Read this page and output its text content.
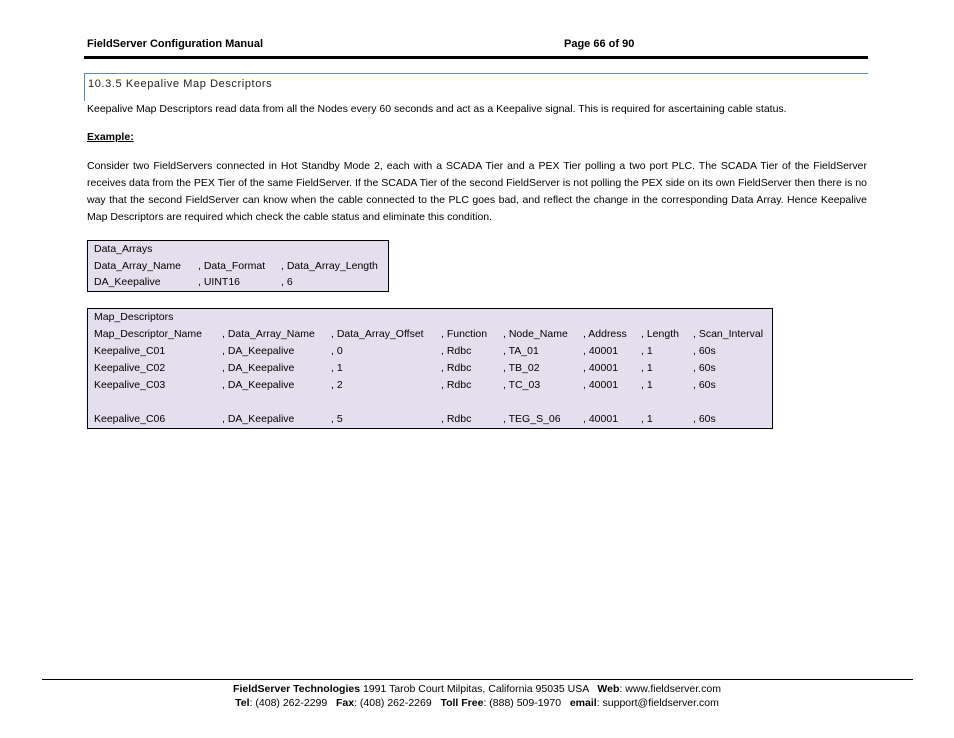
FieldServer Configuration Manual	Page 66 of 90
10.3.5 Keepalive Map Descriptors
Keepalive Map Descriptors read data from all the Nodes every 60 seconds and act as a Keepalive signal. This is required for ascertaining cable status.
Example:
Consider two FieldServers connected in Hot Standby Mode 2, each with a SCADA Tier and a PEX Tier polling a two port PLC. The SCADA Tier of the FieldServer receives data from the PEX Tier of the same FieldServer. If the SCADA Tier of the second FieldServer is not polling the PEX side on its own FieldServer then there is no way that the second FieldServer can know when the cable connected to the PLC goes bad, and reflect the change in the corresponding Data Array. Hence Keepalive Map Descriptors are required which check the cable status and eliminate this condition.
Data_Arrays
Data_Array_Name , Data_Format , Data_Array_Length
DA_Keepalive	, UINT16	, 6
Map_Descriptors
Map_Descriptor_Name , Data_Array_Name , Data_Array_Offset , Function , Node_Name , Address , Length , Scan_Interval
Keepalive_C01	, DA_Keepalive	, 0	, Rdbc	, TA_01	, 40001 , 1	, 60s
Keepalive_C02	, DA_Keepalive	, 1	, Rdbc	, TB_02	, 40001 , 1	, 60s
Keepalive_C03	, DA_Keepalive	, 2	, Rdbc	, TC_03	, 40001 , 1	, 60s
Keepalive_C06	, DA_Keepalive	, 5	, Rdbc	, TEG_S_06 , 40001 , 1	, 60s
FieldServer Technologies 1991 Tarob Court Milpitas, California 95035 USA   Web: www.fieldserver.com
Tel: (408) 262-2299   Fax: (408) 262-2269   Toll Free: (888) 509-1970   email: support@fieldserver.com
